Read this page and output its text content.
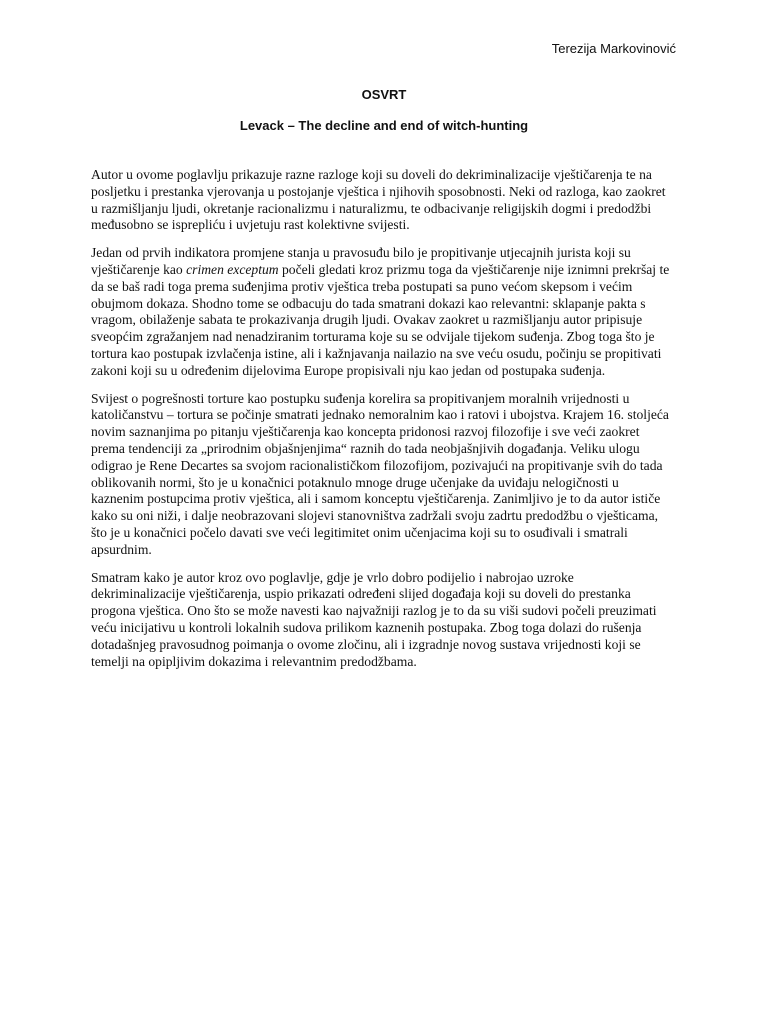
Terezija Markovinović
OSVRT
Levack – The decline and end of witch-hunting

Autor u ovome poglavlju prikazuje razne razloge koji su doveli do dekriminalizacije vještičarenja te na posljetku i prestanka vjerovanja u postojanje vještica i njihovih sposobnosti. Neki od razloga, kao zaokret u razmišljanju ljudi, okretanje racionalizmu i naturalizmu, te odbacivanje religijskih dogmi i predodžbi međusobno se isprepliću i uvjetuju rast kolektivne svijesti.

Jedan od prvih indikatora promjene stanja u pravosuđu bilo je propitivanje utjecajnih jurista koji su vještičarenje kao crimen exceptum počeli gledati kroz prizmu toga da vještičarenje nije iznimni prekršaj te da se baš radi toga prema suđenjima protiv vještica treba postupati sa puno većom skepsom i većim obujmom dokaza. Shodno tome se odbacuju do tada smatrani dokazi kao relevantni: sklapanje pakta s vragom, obilaženje sabata te prokazivanja drugih ljudi. Ovakav zaokret u razmišljanju autor pripisuje sveopćim zgražanjem nad nenadziranim torturama koje su se odvijale tijekom suđenja. Zbog toga što je tortura kao postupak izvlačenja istine, ali i kažnjavanja nailazio na sve veću osudu, počinju se propitivati zakoni koji su u određenim dijelovima Europe propisivali nju kao jedan od postupaka suđenja.

Svijest o pogrešnosti torture kao postupku suđenja korelira sa propitivanjem moralnih vrijednosti u katoličanstvu – tortura se počinje smatrati jednako nemoralnim kao i ratovi i ubojstva. Krajem 16. stoljeća novim saznanjima po pitanju vještičarenja kao koncepta pridonosi razvoj filozofije i sve veći zaokret prema tendenciji za „prirodnim objašnjenjima“ raznih do tada neobjašnjivih događanja. Veliku ulogu odigrao je Rene Decartes sa svojom racionalističkom filozofijom, pozivajući na propitivanje svih do tada oblikovanih normi, što je u konačnici potaknulo mnoge druge učenjake da uviđaju nelogičnosti u kaznenim postupcima protiv vještica, ali i samom konceptu vještičarenja. Zanimljivo je to da autor ističe kako su oni niži, i dalje neobrazovani slojevi stanovništva zadržali svoju zadrtu predodžbu o vješticama, što je u konačnici počelo davati sve veći legitimitet onim učenjacima koji su to osuđivali i smatrali apsurdnim.

Smatram kako je autor kroz ovo poglavlje, gdje je vrlo dobro podijelio i nabrojao uzroke dekriminalizacije vještičarenja, uspio prikazati određeni slijed događaja koji su doveli do prestanka progona vještica. Ono što se može navesti kao najvažniji razlog je to da su viši sudovi počeli preuzimati veću inicijativu u kontroli lokalnih sudova prilikom kaznenih postupaka. Zbog toga dolazi do rušenja dotadašnjeg pravosudnog poimanja o ovome zločinu, ali i izgradnje novog sustava vrijednosti koji se temelji na opipljivim dokazima i relevantnim predodžbama.
